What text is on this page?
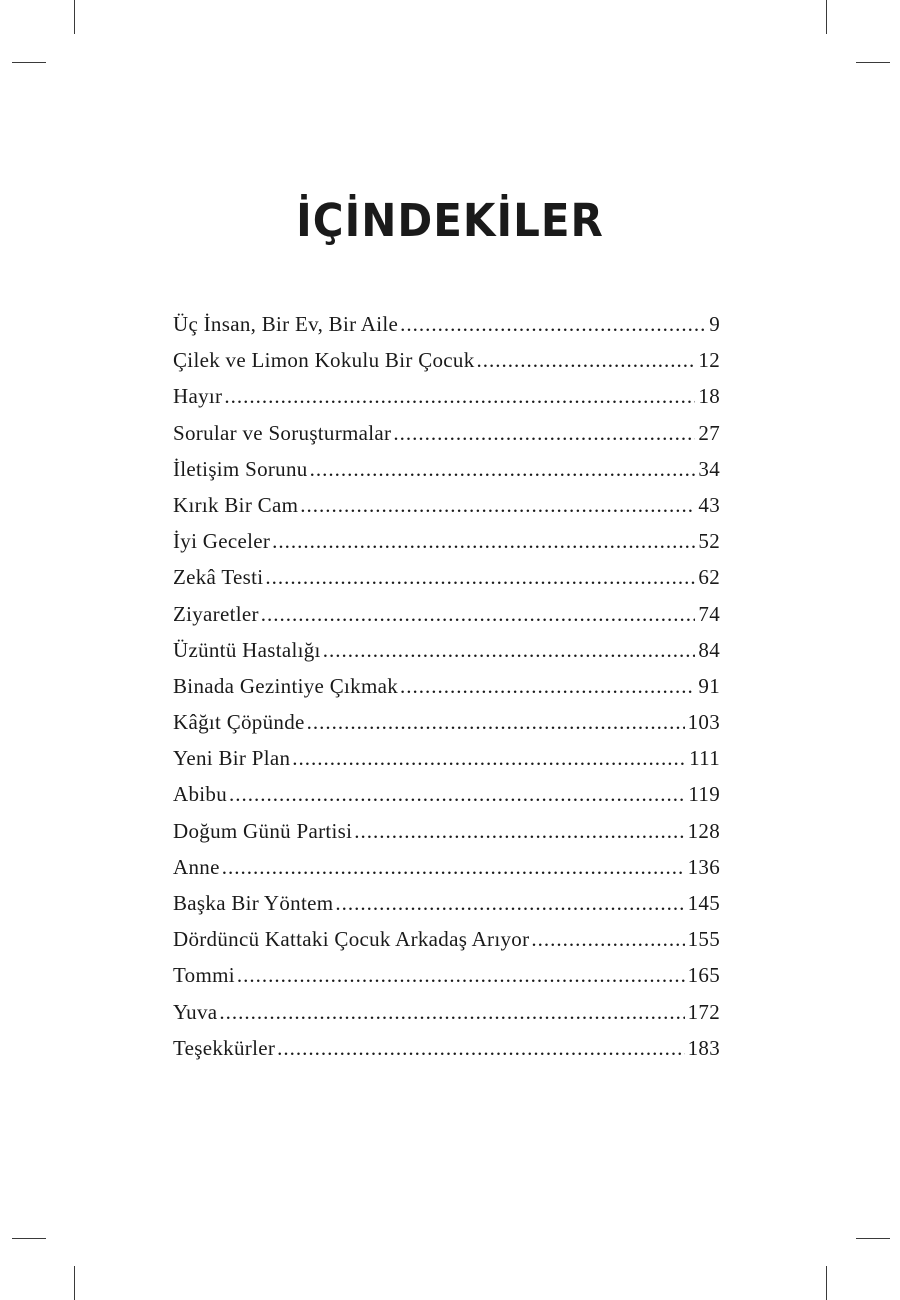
İÇİNDEKİLER
Üç İnsan, Bir Ev, Bir Aile .....	9
Çilek ve Limon Kokulu Bir Çocuk .....	12
Hayır .....	18
Sorular ve Soruşturmalar .....	27
İletişim Sorunu .....	34
Kırık Bir Cam .....	43
İyi Geceler .....	52
Zekâ Testi .....	62
Ziyaretler .....	74
Üzüntü Hastalığı .....	84
Binada Gezintiye Çıkmak .....	91
Kâğıt Çöpünde .....	103
Yeni Bir Plan .....	111
Abibu .....	119
Doğum Günü Partisi .....	128
Anne .....	136
Başka Bir Yöntem .....	145
Dördüncü Kattaki Çocuk Arkadaş Arıyor .....	155
Tommi .....	165
Yuva .....	172
Teşekkürler .....	183
